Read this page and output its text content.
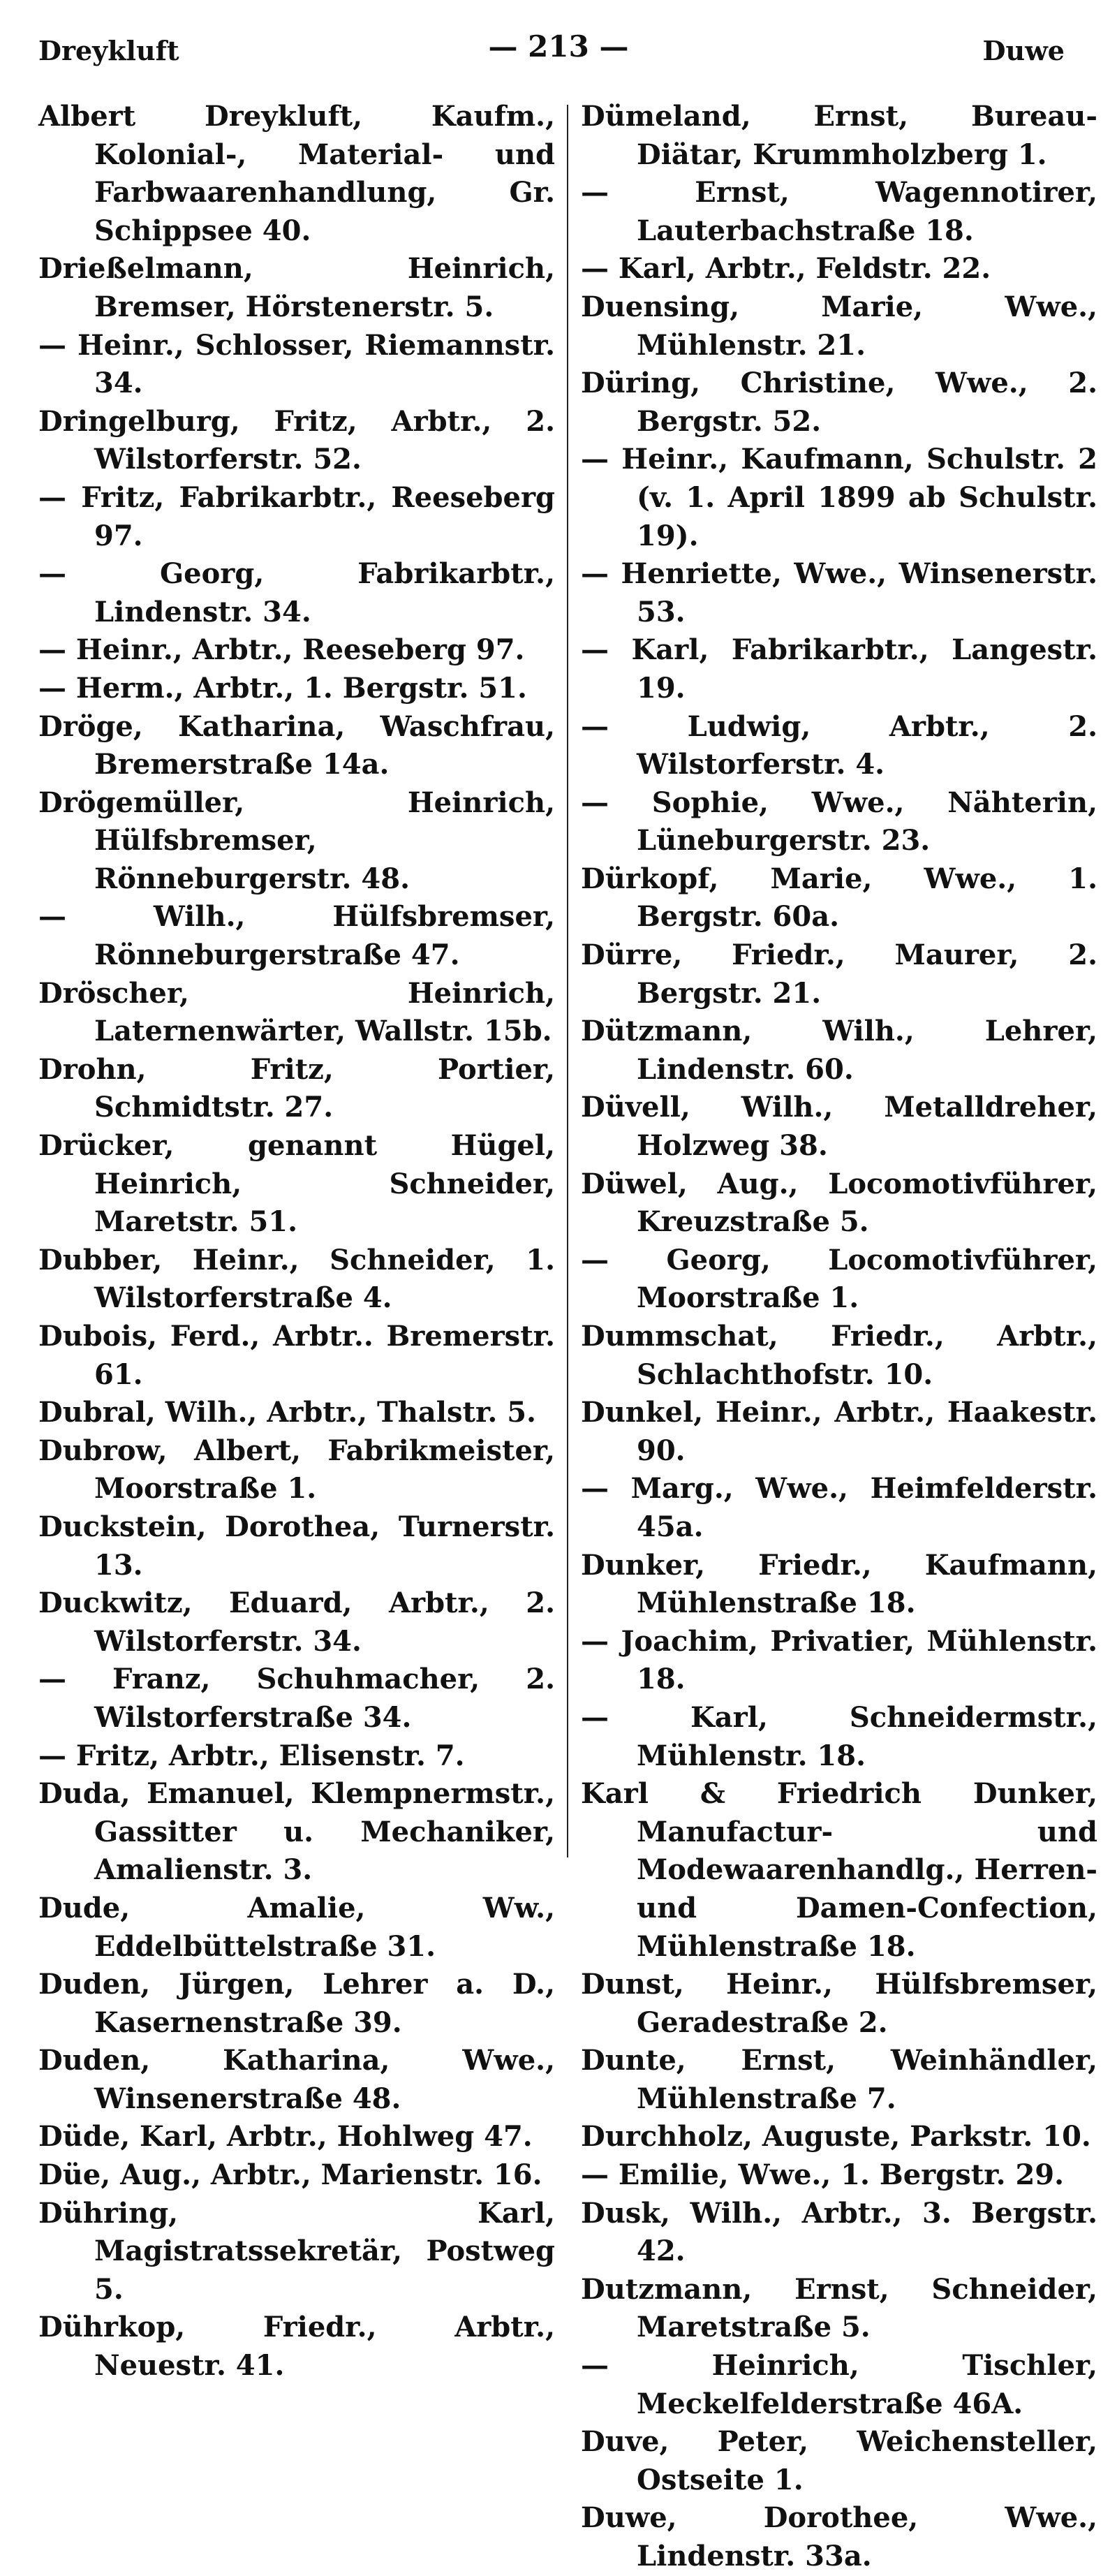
Dreykluft	— 213 —	Duwe

Albert Dreykluft, Kaufm., Kolonial-, Material- und Farbwaarenhandlung, Gr. Schippsee 40.

Drießelmann, Heinrich, Bremser, Hörstenerstr. 5.

— Heinr., Schlosser, Riemannstr. 34.

Dringelburg, Fritz, Arbtr., 2. Wilstorferstr. 52.

— Fritz, Fabrikarbtr., Reeseberg 97.

— Georg, Fabrikarbtr., Lindenstr. 34.

— Heinr., Arbtr., Reeseberg 97.

— Herm., Arbtr., 1. Bergstr. 51.

Dröge, Katharina, Waschfrau, Bremerstraße 14a.

Drögemüller, Heinrich, Hülfsbremser, Rönneburgerstr. 48.

— Wilh., Hülfsbremser, Rönneburgerstraße 47.

Dröscher, Heinrich, Laternenwärter, Wallstr. 15b.

Drohn, Fritz, Portier, Schmidtstr. 27.

Drücker, genannt Hügel, Heinrich, Schneider, Maretstr. 51.

Dubber, Heinr., Schneider, 1. Wilstorferstraße 4.

Dubois, Ferd., Arbtr.. Bremerstr. 61.

Dubral, Wilh., Arbtr., Thalstr. 5.

Dubrow, Albert, Fabrikmeister, Moorstraße 1.

Duckstein, Dorothea, Turnerstr. 13.

Duckwitz, Eduard, Arbtr., 2. Wilstorferstr. 34.

— Franz, Schuhmacher, 2. Wilstorferstraße 34.

— Fritz, Arbtr., Elisenstr. 7.

Duda, Emanuel, Klempnermstr., Gassitter u. Mechaniker, Amalienstr. 3.

Dude, Amalie, Ww., Eddelbüttelstraße 31.

Duden, Jürgen, Lehrer a. D., Kasernenstraße 39.

Duden, Katharina, Wwe., Winsenerstraße 48.

Düde, Karl, Arbtr., Hohlweg 47.

Düe, Aug., Arbtr., Marienstr. 16.

Dühring, Karl, Magistratssekretär, Postweg 5.

Dührkop, Friedr., Arbtr., Neuestr. 41.

Dümeland, Ernst, Bureau-Diätar, Krummholzberg 1.

— Ernst, Wagennotirer, Lauterbachstraße 18.

— Karl, Arbtr., Feldstr. 22.

Duensing, Marie, Wwe., Mühlenstr. 21.

Düring, Christine, Wwe., 2. Bergstr. 52.

— Heinr., Kaufmann, Schulstr. 2 (v. 1. April 1899 ab Schulstr. 19).

— Henriette, Wwe., Winsenerstr. 53.

— Karl, Fabrikarbtr., Langestr. 19.

— Ludwig, Arbtr., 2. Wilstorferstr. 4.

— Sophie, Wwe., Nähterin, Lüneburgerstr. 23.

Dürkopf, Marie, Wwe., 1. Bergstr. 60a.

Dürre, Friedr., Maurer, 2. Bergstr. 21.

Dützmann, Wilh., Lehrer, Lindenstr. 60.

Düvell, Wilh., Metalldreher, Holzweg 38.

Düwel, Aug., Locomotivführer, Kreuzstraße 5.

— Georg, Locomotivführer, Moorstraße 1.

Dummschat, Friedr., Arbtr., Schlachthofstr. 10.

Dunkel, Heinr., Arbtr., Haakestr. 90.

— Marg., Wwe., Heimfelderstr. 45a.

Dunker, Friedr., Kaufmann, Mühlenstraße 18.

— Joachim, Privatier, Mühlenstr. 18.

— Karl, Schneidermstr., Mühlenstr. 18.

Karl & Friedrich Dunker, Manufactur- und Modewaarenhandlg., Herren- und Damen-Confection, Mühlenstraße 18.

Dunst, Heinr., Hülfsbremser, Geradestraße 2.

Dunte, Ernst, Weinhändler, Mühlenstraße 7.

Durchholz, Auguste, Parkstr. 10.

— Emilie, Wwe., 1. Bergstr. 29.

Dusk, Wilh., Arbtr., 3. Bergstr. 42.

Dutzmann, Ernst, Schneider, Maretstraße 5.

— Heinrich, Tischler, Meckelfelderstraße 46A.

Duve, Peter, Weichensteller, Ostseite 1.

Duwe, Dorothee, Wwe., Lindenstr. 33a.
